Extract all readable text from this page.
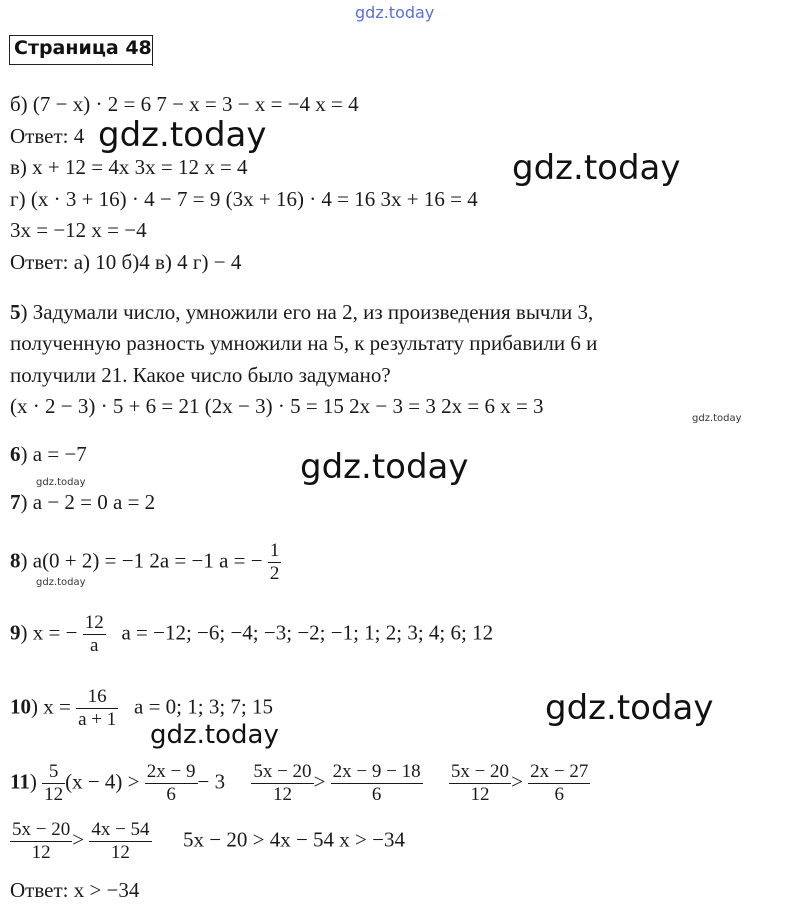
gdz.today
Страница 48
б) (7 − x) · 2 = 6 7 − x = 3 − x = −4 x = 4
Ответ: 4 gdz.today
в) x + 12 = 4x 3x = 12 x = 4	gdz.today
г) (x · 3 + 16) · 4 − 7 = 9 (3x + 16) · 4 = 16 3x + 16 = 4
3x = −12 x = −4
Ответ: а) 10 б)4 в) 4 г) − 4
5) Задумали число, умножили его на 2, из произведения вычли 3,
полученную разность умножили на 5, к результату прибавили 6 и
получили 21. Какое число было задумано?
(x · 2 − 3) · 5 + 6 = 21 (2x − 3) · 5 = 15 2x − 3 = 3 2x = 6 x = 3
gdz.today
6) a = −7	gdz.today
gdz.today
7) a − 2 = 0 a = 2
8) a(0 + 2) = −1 2a = −1 a = − $\frac{1}{2}$
gdz.today
9) x = − $\frac{12}{a}$ a = −12; −6; −4; −3; −2; −1; 1; 2; 3; 4; 6; 12
10) $x = \frac{16}{a + 1}$ a = 0; 1; 3; 7; 15
gdz.today
gdz.today
$11) \frac{5}{12} (x - 4) > \frac{2x - 9}{6} - 3 \frac{5x - 20}{12} > \frac{2x - 9 - 18}{6}$
$\frac{5x - 20}{12} > \frac{2x - 27}{6}$
$\frac{5x - 20}{12} > \frac{4x - 54}{12} 5x - 20 > 4x - 54$ x > −34
Ответ: x > −34
